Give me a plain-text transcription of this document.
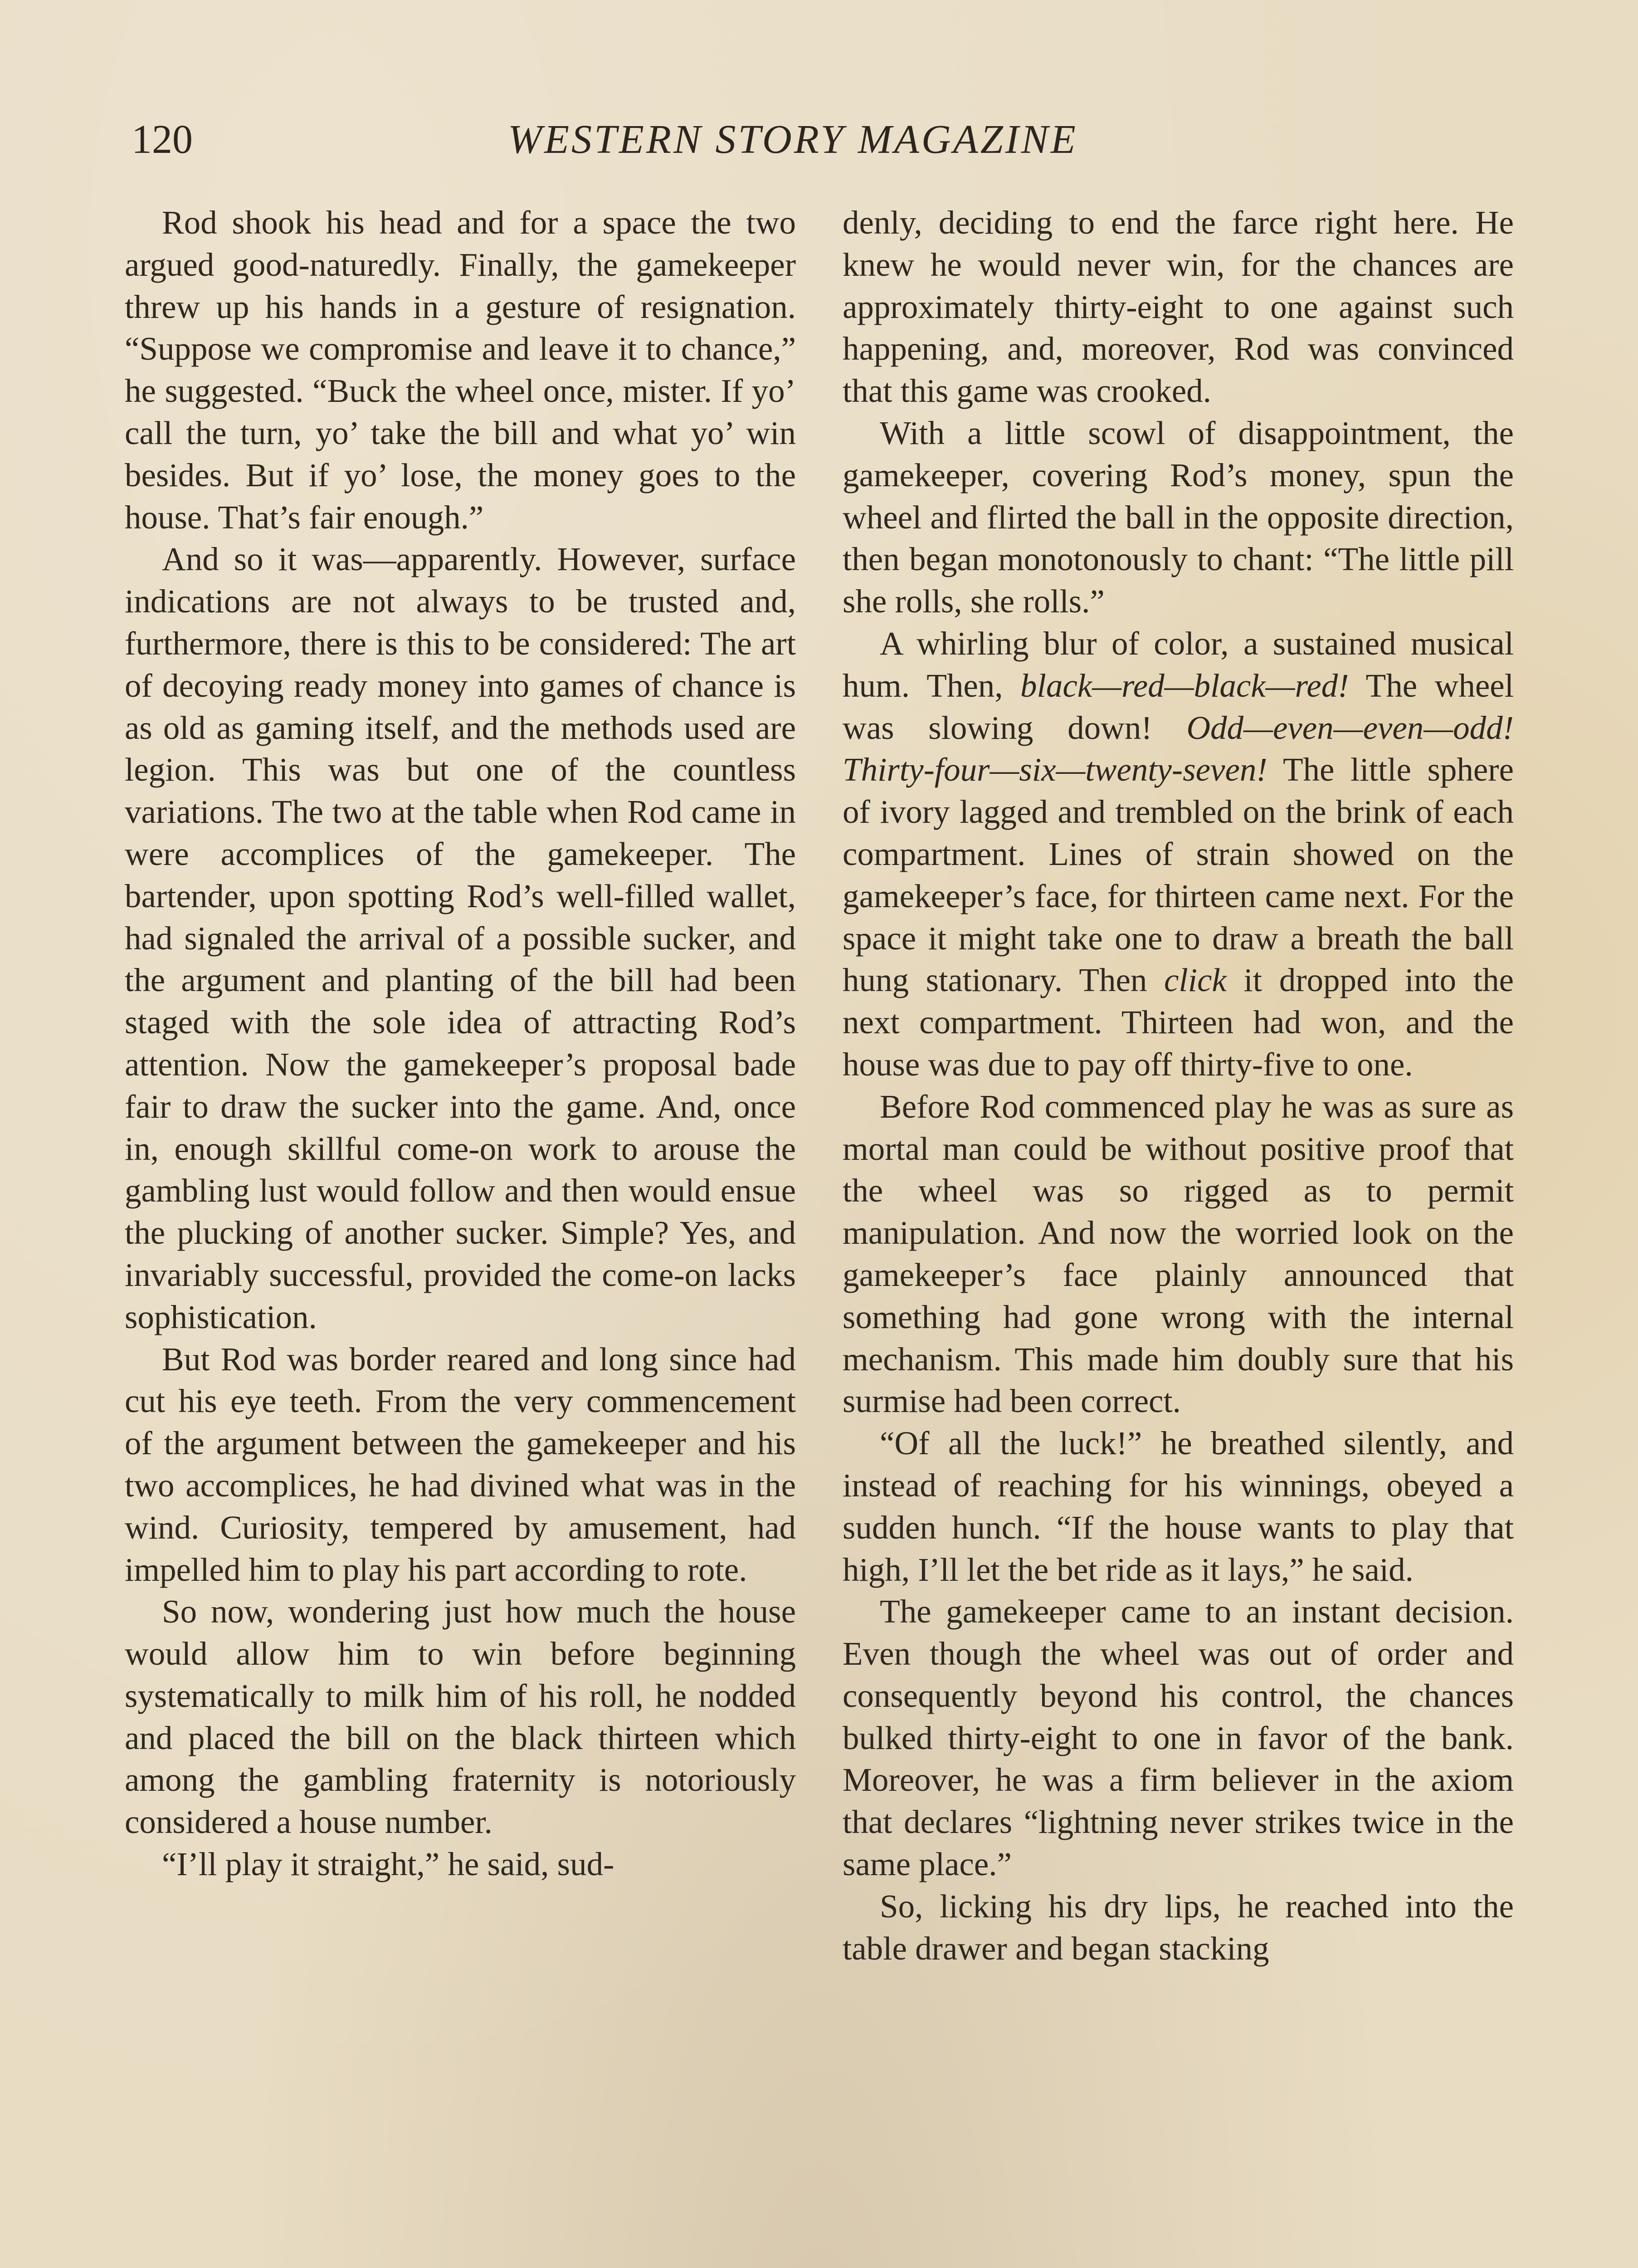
120	WESTERN STORY MAGAZINE

Rod shook his head and for a space the two argued good-naturedly. Finally, the gamekeeper threw up his hands in a gesture of resignation. “Suppose we compromise and leave it to chance,” he suggested. “Buck the wheel once, mister. If yo’ call the turn, yo’ take the bill and what yo’ win besides. But if yo’ lose, the money goes to the house. That’s fair enough.”

And so it was—apparently. However, surface indications are not always to be trusted and, furthermore, there is this to be considered: The art of decoying ready money into games of chance is as old as gaming itself, and the methods used are legion. This was but one of the countless variations. The two at the table when Rod came in were accomplices of the gamekeeper. The bartender, upon spotting Rod’s well-filled wallet, had signaled the arrival of a possible sucker, and the argument and planting of the bill had been staged with the sole idea of attracting Rod’s attention. Now the gamekeeper’s proposal bade fair to draw the sucker into the game. And, once in, enough skillful come-on work to arouse the gambling lust would follow and then would ensue the plucking of another sucker. Simple? Yes, and invariably successful, provided the come-on lacks sophistication.

But Rod was border reared and long since had cut his eye teeth. From the very commencement of the argument between the gamekeeper and his two accomplices, he had divined what was in the wind. Curiosity, tempered by amusement, had impelled him to play his part according to rote.

So now, wondering just how much the house would allow him to win before beginning systematically to milk him of his roll, he nodded and placed the bill on the black thirteen which among the gambling fraternity is notoriously considered a house number.

“I’ll play it straight,” he said, sud-

denly, deciding to end the farce right here. He knew he would never win, for the chances are approximately thirty-eight to one against such happening, and, moreover, Rod was convinced that this game was crooked.

With a little scowl of disappointment, the gamekeeper, covering Rod’s money, spun the wheel and flirted the ball in the opposite direction, then began monotonously to chant: “The little pill she rolls, she rolls.”

A whirling blur of color, a sustained musical hum. Then, black—red—black—red! The wheel was slowing down! Odd—even—even—odd! Thirty-four—six—twenty-seven! The little sphere of ivory lagged and trembled on the brink of each compartment. Lines of strain showed on the gamekeeper’s face, for thirteen came next. For the space it might take one to draw a breath the ball hung stationary. Then click it dropped into the next compartment. Thirteen had won, and the house was due to pay off thirty-five to one.

Before Rod commenced play he was as sure as mortal man could be without positive proof that the wheel was so rigged as to permit manipulation. And now the worried look on the gamekeeper’s face plainly announced that something had gone wrong with the internal mechanism. This made him doubly sure that his surmise had been correct.

“Of all the luck!” he breathed silently, and instead of reaching for his winnings, obeyed a sudden hunch. “If the house wants to play that high, I’ll let the bet ride as it lays,” he said.

The gamekeeper came to an instant decision. Even though the wheel was out of order and consequently beyond his control, the chances bulked thirty-eight to one in favor of the bank. Moreover, he was a firm believer in the axiom that declares “lightning never strikes twice in the same place.”

So, licking his dry lips, he reached into the table drawer and began stacking
